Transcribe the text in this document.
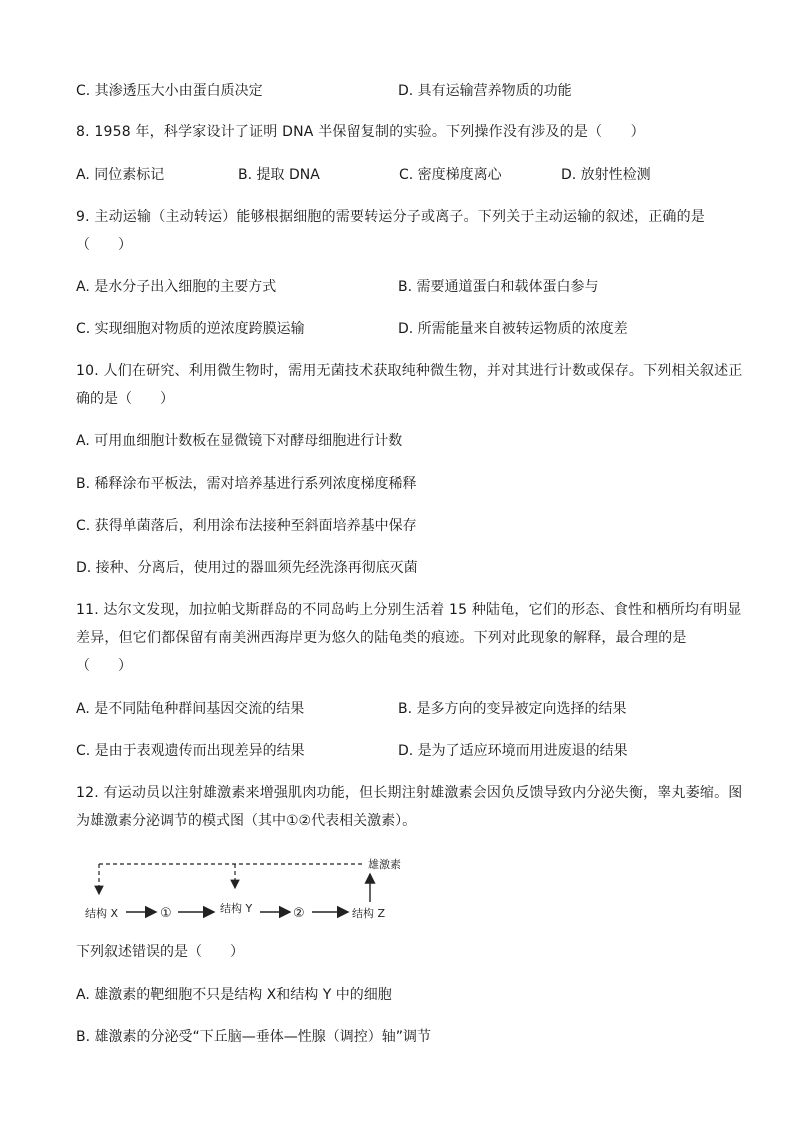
C. 其渗透压大小由蛋白质决定	D. 具有运输营养物质的功能
8. 1958 年，科学家设计了证明 DNA 半保留复制的实验。下列操作没有涉及的是（　　）
A. 同位素标记	B. 提取 DNA	C. 密度梯度离心	D. 放射性检测
9. 主动运输（主动转运）能够根据细胞的需要转运分子或离子。下列关于主动运输的叙述，正确的是
（　　）
A. 是水分子出入细胞的主要方式	B. 需要通道蛋白和载体蛋白参与
C. 实现细胞对物质的逆浓度跨膜运输	D. 所需能量来自被转运物质的浓度差
10. 人们在研究、利用微生物时，需用无菌技术获取纯种微生物，并对其进行计数或保存。下列相关叙述正
确的是（　　）
A. 可用血细胞计数板在显微镜下对酵母细胞进行计数
B. 稀释涂布平板法，需对培养基进行系列浓度梯度稀释
C. 获得单菌落后，利用涂布法接种至斜面培养基中保存
D. 接种、分离后，使用过的器皿须先经洗涤再彻底灭菌
11. 达尔文发现，加拉帕戈斯群岛的不同岛屿上分别生活着 15 种陆龟，它们的形态、食性和栖所均有明显
差异，但它们都保留有南美洲西海岸更为悠久的陆龟类的痕迹。下列对此现象的解释，最合理的是
（　　）
A. 是不同陆龟种群间基因交流的结果	B. 是多方向的变异被定向选择的结果
C. 是由于表观遗传而出现差异的结果	D. 是为了适应环境而用进废退的结果
12. 有运动员以注射雄激素来增强肌肉功能，但长期注射雄激素会因负反馈导致内分泌失衡，睾丸萎缩。图
为雄激素分泌调节的模式图（其中①②代表相关激素）。
雄激素
结构 X	①	结构 Y	②	结构 Z
下列叙述错误的是（　　）
A. 雄激素的靶细胞不只是结构 X和结构 Y 中的细胞
B. 雄激素的分泌受“下丘脑—垂体—性腺（调控）轴”调节
